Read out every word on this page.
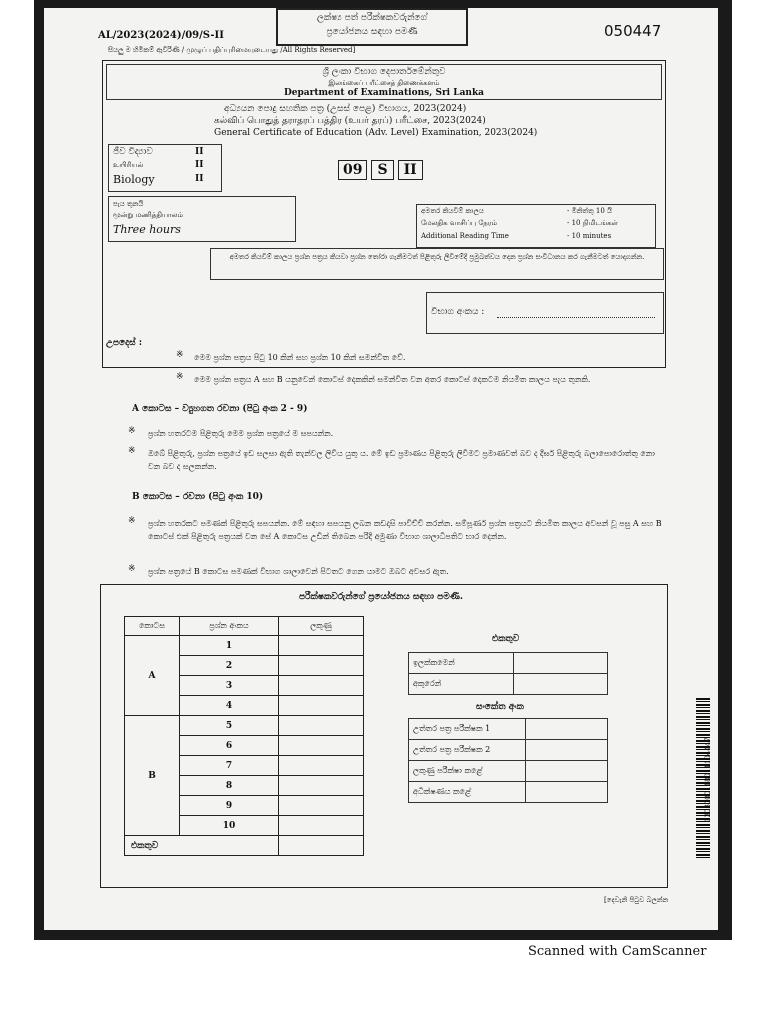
AL/2023(2024)/09/S-II
ලක්ෂ්‍ය පත් පරීක්ෂකවරුන්ගේ
ප්‍රයෝජනය සඳහා පමණි	050447
සියලු ම හිමිකම් ඇවිරිණි / முழுப் பதிப்புரிமையுடையது /All Rights Reserved]
ශ්‍රී ලංකා විභාග දෙපාර්තමේන්තුව
இலங்கைப் பரீட்சைத் திணைக்களம்
Department of Examinations, Sri Lanka
අධ්‍යයන පොදු සහතික පත්‍ර (උසස් පෙළ) විභාගය, 2023(2024)
கல்விப் பொதுத் தராதரப் பத்திர (உயர் தரப்) பரீட்சை, 2023(2024)
General Certificate of Education (Adv. Level) Examination, 2023(2024)
ජීව විද්‍යාව	II
உயிரியல்	II
Biology	II
09	S	II
පැය තුනයි
மூன்று மணித்தியாலம்
Three hours
අමතර කියවීම් කාලය	- මිනිත්තු 10 යි
மேலதிக வாசிப்பு நேரம்	- 10 நிமிடங்கள்
Additional Reading Time	- 10 minutes
අමතර කියවීම් කාලය ප්‍රශ්න පත්‍රය කියවා ප්‍රශ්න තෝරා ගැනීමටත් පිළිතුරු ලිවීමේදී ප්‍රමුඛත්වය දෙන ප්‍රශ්න සංවිධානය කර ගැනීමටත් යොදාගන්න.
විභාග අංකය :
උපදෙස් :
※	මෙම ප්‍රශ්න පත්‍රය පිටු 10 කින් සහ ප්‍රශ්න 10 කින් සමන්විත වේ.
※	මෙම ප්‍රශ්න පත්‍රය A සහ B යනුවෙන් කොටස් දෙකකින් සමන්විත වන අතර කොටස් දෙකටම නියමිත කාලය පැය තුනකි.
A කොටස – ව්‍යුහගත රචනා (පිටු අංක 2 - 9)
※	ප්‍රශ්න හතරටම පිළිතුරු මෙම ප්‍රශ්න පත්‍රයේ ම සපයන්න.
※	ඔබේ පිළිතුරු, ප්‍රශ්න පත්‍රයේ ඉඩ සලසා ඇති තැන්වල ලිවිය යුතු ය. මේ ඉඩ ප්‍රමාණය පිළිතුරු ලිවීමට ප්‍රමාණවත් බව ද දීර්ඝ පිළිතුරු බලාපොරොත්තු නො වන බව ද සලකන්න.
B කොටස – රචනා (පිටු අංක 10)
※	ප්‍රශ්න හතරකට පමණක් පිළිතුරු සපයන්න. මේ සඳහා සපයනු ලබන කඩදාසි පාවිච්චි කරන්න. සම්පූර්ණ ප්‍රශ්න පත්‍රයට නියමිත කාලය අවසන් වූ පසු A සහ B කොටස් එක් පිළිතුරු පත්‍රයක් වන සේ A කොටස උඩින් තිබෙන පරිදි අමුණා විභාග ශාලාධිපතිට භාර දෙන්න.
※	ප්‍රශ්න පත්‍රයේ B කොටස පමණක් විභාග ශාලාවෙන් පිටතට ගෙන යාමට ඔබට අවසර ඇත.
පරීක්ෂකවරුන්ගේ ප්‍රයෝජනය සඳහා පමණි.
කොටස	ප්‍රශ්න අංකය	ලකුණු
A	1	
	2	
	3	
	4	
B	5	
	6	
	7	
	8	
	9	
	10	
එකතුව		
එකතුව
ඉලක්කමෙන්	
අකුරෙන්	
සංකේත අංක
උත්තර පත්‍ර පරීක්ෂක 1	
උත්තර පත්‍ර පරීක්ෂක 2	
ලකුණු පරීක්ෂා කළේ	
අධීක්ෂණය කළේ		0303000118011104447
[දෙවැනි පිටුව බලන්න
Scanned with CamScanner
